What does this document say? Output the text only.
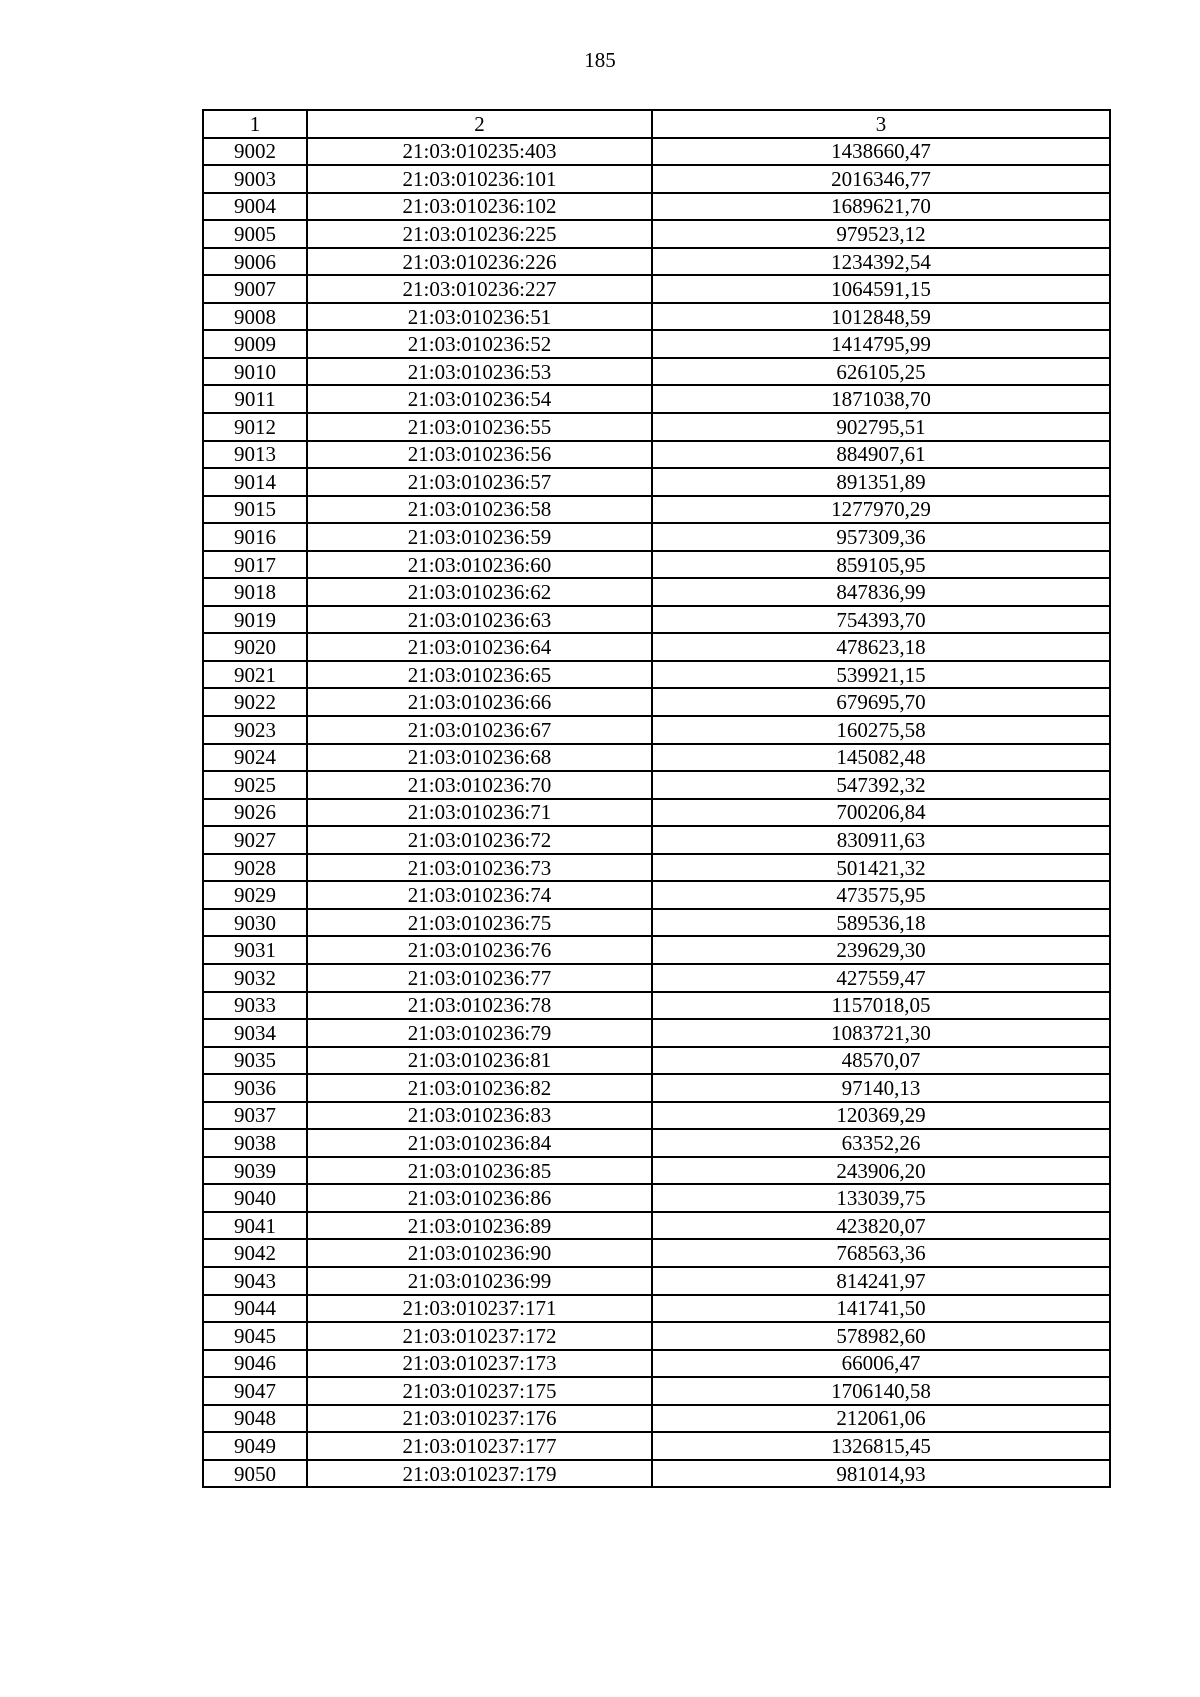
185
1	2	3
9002	21:03:010235:403	1438660,47
9003	21:03:010236:101	2016346,77
9004	21:03:010236:102	1689621,70
9005	21:03:010236:225	979523,12
9006	21:03:010236:226	1234392,54
9007	21:03:010236:227	1064591,15
9008	21:03:010236:51	1012848,59
9009	21:03:010236:52	1414795,99
9010	21:03:010236:53	626105,25
9011	21:03:010236:54	1871038,70
9012	21:03:010236:55	902795,51
9013	21:03:010236:56	884907,61
9014	21:03:010236:57	891351,89
9015	21:03:010236:58	1277970,29
9016	21:03:010236:59	957309,36
9017	21:03:010236:60	859105,95
9018	21:03:010236:62	847836,99
9019	21:03:010236:63	754393,70
9020	21:03:010236:64	478623,18
9021	21:03:010236:65	539921,15
9022	21:03:010236:66	679695,70
9023	21:03:010236:67	160275,58
9024	21:03:010236:68	145082,48
9025	21:03:010236:70	547392,32
9026	21:03:010236:71	700206,84
9027	21:03:010236:72	830911,63
9028	21:03:010236:73	501421,32
9029	21:03:010236:74	473575,95
9030	21:03:010236:75	589536,18
9031	21:03:010236:76	239629,30
9032	21:03:010236:77	427559,47
9033	21:03:010236:78	1157018,05
9034	21:03:010236:79	1083721,30
9035	21:03:010236:81	48570,07
9036	21:03:010236:82	97140,13
9037	21:03:010236:83	120369,29
9038	21:03:010236:84	63352,26
9039	21:03:010236:85	243906,20
9040	21:03:010236:86	133039,75
9041	21:03:010236:89	423820,07
9042	21:03:010236:90	768563,36
9043	21:03:010236:99	814241,97
9044	21:03:010237:171	141741,50
9045	21:03:010237:172	578982,60
9046	21:03:010237:173	66006,47
9047	21:03:010237:175	1706140,58
9048	21:03:010237:176	212061,06
9049	21:03:010237:177	1326815,45
9050	21:03:010237:179	981014,93
